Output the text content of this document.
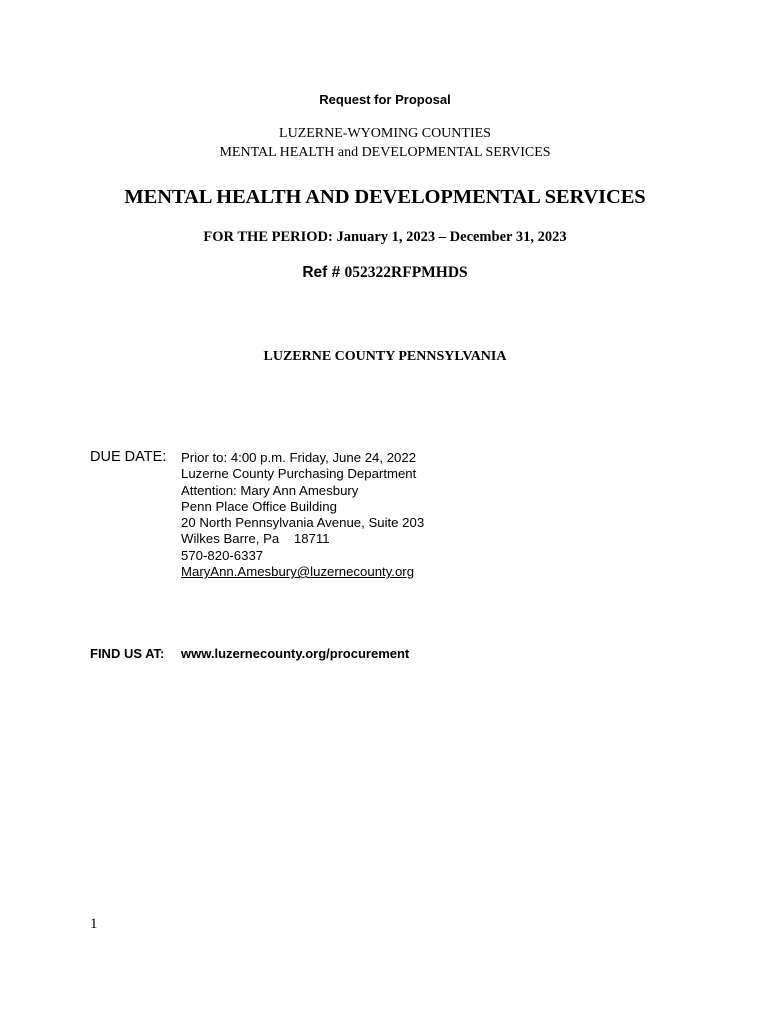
Request for Proposal
LUZERNE-WYOMING COUNTIES
MENTAL HEALTH and DEVELOPMENTAL SERVICES
MENTAL HEALTH AND DEVELOPMENTAL SERVICES
FOR THE PERIOD: January 1, 2023 – December 31, 2023
Ref # 052322RFPMHDS
LUZERNE COUNTY PENNSYLVANIA
DUE DATE: Prior to: 4:00 p.m. Friday, June 24, 2022
Luzerne County Purchasing Department
Attention: Mary Ann Amesbury
Penn Place Office Building
20 North Pennsylvania Avenue, Suite 203
Wilkes Barre, Pa    18711
570-820-6337
MaryAnn.Amesbury@luzernecounty.org
FIND US AT: www.luzernecounty.org/procurement
1
